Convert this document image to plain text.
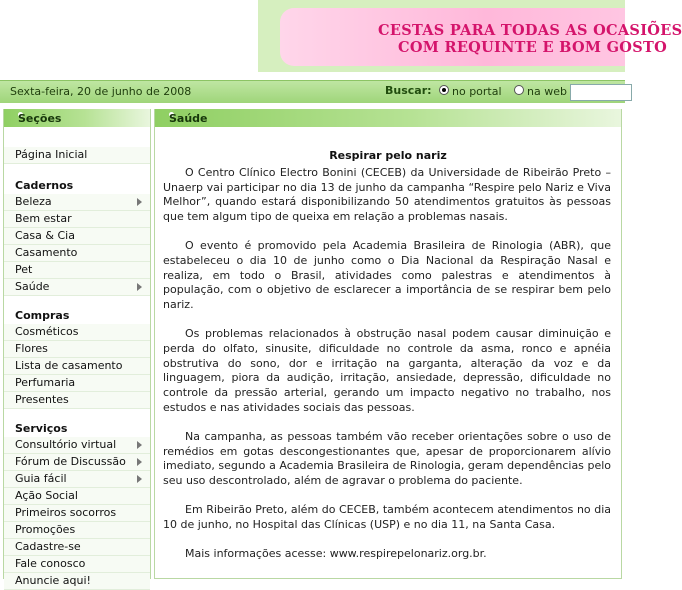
CESTAS PARA TODAS AS OCASIÕES
COM REQUINTE E BOM GOSTO
Sexta-feira, 20 de junho de 2008	Buscar: no portal na web
Seções
Página Inicial
Cadernos
Beleza
Bem estar
Casa & Cia
Casamento
Pet
Saúde
Compras
Cosméticos
Flores
Lista de casamento
Perfumaria
Presentes
Serviços
Consultório virtual
Fórum de Discussão
Guia fácil
Ação Social
Primeiros socorros
Promoções
Cadastre-se
Fale conosco
Anuncie aqui!
Saúde
Respirar pelo nariz

O Centro Clínico Electro Bonini (CECEB) da Universidade de Ribeirão Preto – Unaerp vai participar no dia 13 de junho da campanha “Respire pelo Nariz e Viva Melhor”, quando estará disponibilizando 50 atendimentos gratuitos às pessoas que tem algum tipo de queixa em relação a problemas nasais.

O evento é promovido pela Academia Brasileira de Rinologia (ABR), que estabeleceu o dia 10 de junho como o Dia Nacional da Respiração Nasal e realiza, em todo o Brasil, atividades como palestras e atendimentos à população, com o objetivo de esclarecer a importância de se respirar bem pelo nariz.

Os problemas relacionados à obstrução nasal podem causar diminuição e perda do olfato, sinusite, dificuldade no controle da asma, ronco e apnéia obstrutiva do sono, dor e irritação na garganta, alteração da voz e da linguagem, piora da audição, irritação, ansiedade, depressão, dificuldade no controle da pressão arterial, gerando um impacto negativo no trabalho, nos estudos e nas atividades sociais das pessoas.

Na campanha, as pessoas também vão receber orientações sobre o uso de remédios em gotas descongestionantes que, apesar de proporcionarem alívio imediato, segundo a Academia Brasileira de Rinologia, geram dependências pelo seu uso descontrolado, além de agravar o problema do paciente.

Em Ribeirão Preto, além do CECEB, também acontecem atendimentos no dia 10 de junho, no Hospital das Clínicas (USP) e no dia 11, na Santa Casa.

Mais informações acesse: www.respirepelonariz.org.br.
